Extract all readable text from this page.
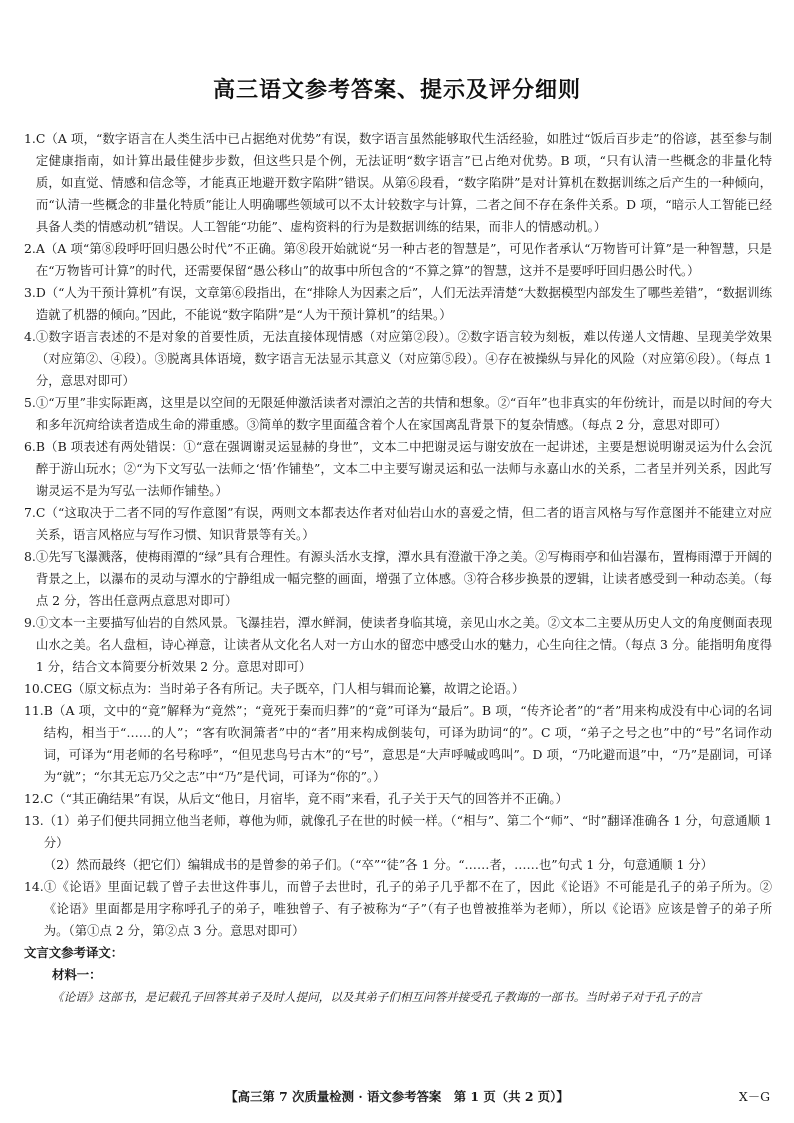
高三语文参考答案、提示及评分细则
1. C（A 项，“数字语言在人类生活中已占据绝对优势”有误，数字语言虽然能够取代生活经验，如胜过“饭后百步走”的俗谚，甚至参与制定健康指南，如计算出最佳健步步数，但这些只是个例，无法证明“数字语言”已占绝对优势。B 项，“只有认清一些概念的非量化特质，如直觉、情感和信念等，才能真正地避开数字陷阱”错误。从第⑥段看，“数字陷阱”是对计算机在数据训练之后产生的一种倾向，而“认清一些概念的非量化特质”能让人明确哪些领域可以不太计较数字与计算，二者之间不存在条件关系。D 项，“暗示人工智能已经具备人类的情感动机”错误。人工智能“功能”、虚构资料的行为是数据训练的结果，而非人的情感动机。）
2. A（A 项“第⑧段呼吁回归愚公时代”不正确。第⑧段开始就说“另一种古老的智慧是”，可见作者承认“万物皆可计算”是一种智慧，只是在“万物皆可计算”的时代，还需要保留“愚公移山”的故事中所包含的“不算之算”的智慧，这并不是要呼吁回归愚公时代。）
3. D（“人为干预计算机”有误，文章第⑥段指出，在“排除人为因素之后”，人们无法弄清楚“大数据模型内部发生了哪些差错”，“数据训练造就了机器的倾向。”因此，不能说“数字陷阱”是“人为干预计算机”的结果。）
4. ①数字语言表述的不是对象的首要性质，无法直接体现情感（对应第②段）。②数字语言较为刻板，难以传递人文情趣、呈现美学效果（对应第②、④段）。③脱离具体语境，数字语言无法显示其意义（对应第⑤段）。④存在被操纵与异化的风险（对应第⑥段）。（每点 1 分，意思对即可）
5. ①“万里”非实际距离，这里是以空间的无限延伸激活读者对漂泊之苦的共情和想象。②“百年”也非真实的年份统计，而是以时间的夸大和多年沉疴给读者造成生命的滞重感。③简单的数字里面蕴含着个人在家国离乱背景下的复杂情感。（每点 2 分，意思对即可）
6. B（B 项表述有两处错误：①“意在强调谢灵运显赫的身世”，文本二中把谢灵运与谢安放在一起讲述，主要是想说明谢灵运为什么会沉醉于游山玩水；②“为下文写弘一法师之‘悟’作铺垫”，文本二中主要写谢灵运和弘一法师与永嘉山水的关系，二者呈并列关系，因此写谢灵运不是为写弘一法师作铺垫。）
7. C（“这取决于二者不同的写作意图”有误，两则文本都表达作者对仙岩山水的喜爱之情，但二者的语言风格与写作意图并不能建立对应关系，语言风格应与写作习惯、知识背景等有关。）
8. ①先写飞瀑溅落，使梅雨潭的“绿”具有合理性。有源头活水支撑，潭水具有澄澈干净之美。②写梅雨亭和仙岩瀑布，置梅雨潭于开阔的背景之上，以瀑布的灵动与潭水的宁静组成一幅完整的画面，增强了立体感。③符合移步换景的逻辑，让读者感受到一种动态美。（每点 2 分，答出任意两点意思对即可）
9. ①文本一主要描写仙岩的自然风景。飞瀑挂岩，潭水鲜洞，使读者身临其境，亲见山水之美。②文本二主要从历史人文的角度侧面表现山水之美。名人盘桓，诗心禅意，让读者从文化名人对一方山水的留恋中感受山水的魅力，心生向往之情。（每点 3 分。能指明角度得 1 分，结合文本简要分析效果 2 分。意思对即可）
10. CEG（原文标点为：当时弟子各有所记。夫子既卒，门人相与辑而论纂，故谓之论语。）
11. B（A 项，文中的“竟”解释为“竟然”；“竟死于秦而归葬”的“竟”可译为“最后”。B 项，“传齐论者”的“者”用来构成没有中心词的名词结构，相当于“……的人”；“客有吹洞箫者”中的“者”用来构成倒装句，可译为助词“的”。C 项，“弟子之号之也”中的“号”名词作动词，可译为“用老师的名号称呼”，“但见悲鸟号古木”的“号”，意思是“大声呼喊或鸣叫”。D 项，“乃叱避而退”中，“乃”是副词，可译为“就”；“尔其无忘乃父之志”中“乃”是代词，可译为“你的”。）
12. C（“其正确结果”有误，从后文“他日，月宿毕，竟不雨”来看，孔子关于天气的回答并不正确。）
13. （1）弟子们便共同拥立他当老师，尊他为师，就像孔子在世的时候一样。（“相与”、第二个“师”、“时”翻译准确各 1 分，句意通顺 1 分）

（2）然而最终（把它们）编辑成书的是曾参的弟子们。（“卒”“徒”各 1 分。“……者，……也”句式 1 分，句意通顺 1 分）

14. ①《论语》里面记载了曾子去世这件事儿，而曾子去世时，孔子的弟子几乎都不在了，因此《论语》不可能是孔子的弟子所为。②《论语》里面都是用字称呼孔子的弟子，唯独曾子、有子被称为“子”（有子也曾被推举为老师），所以《论语》应该是曾子的弟子所为。（第①点 2 分，第②点 3 分。意思对即可）
文言文参考译文：
材料一：
《论语》这部书，是记载孔子回答其弟子及时人提问，以及其弟子们相互问答并接受孔子教诲的一部书。当时弟子对于孔子的言
【高三第 7 次质量检测 · 语文参考答案　第 1 页（共 2 页）】	X－G
